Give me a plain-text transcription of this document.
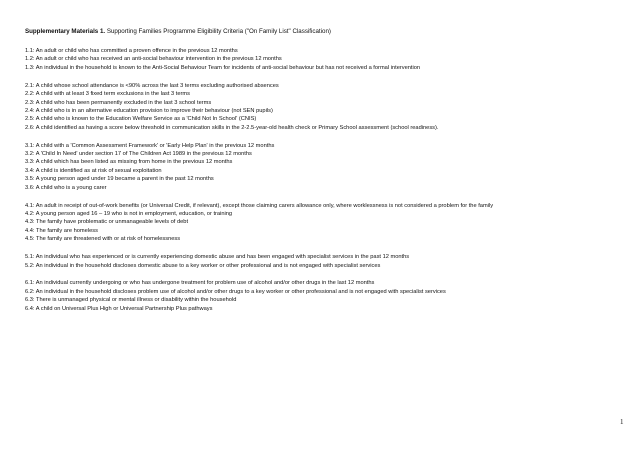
Supplementary Materials 1. Supporting Families Programme Eligibility Criteria ("On Family List" Classification)
1.1: An adult or child who has committed a proven offence in the previous 12 months
1.2: An adult or child who has received an anti-social behaviour intervention in the previous 12 months
1.3: An individual in the household is known to the Anti-Social Behaviour Team for incidents of anti-social behaviour but has not received a formal intervention
2.1: A child whose school attendance is <90% across the last 3 terms excluding authorised absences
2.2: A child with at least 3 fixed term exclusions in the last 3 terms
2.3: A child who has been permanently excluded in the last 3 school terms
2.4: A child who is in an alternative education provision to improve their behaviour (not SEN pupils)
2.5: A child who is known to the Education Welfare Service as a 'Child Not In School' (CNIS)
2.6: A child identified as having a score below threshold in communication skills in the 2-2.5-year-old health check or Primary School assessment (school readiness).
3.1: A child with a 'Common Assessment Framework' or 'Early Help Plan' in the previous 12 months
3.2: A 'Child In Need' under section 17 of The Children Act 1989 in the previous 12 months
3.3: A child which has been listed as missing from home in the previous 12 months
3.4: A child is identified as at risk of sexual exploitation
3.5: A young person aged under 19 became a parent in the past 12 months
3.6: A child who is a young carer
4.1: An adult in receipt of out-of-work benefits (or Universal Credit, if relevant), except those claiming carers allowance only, where worklessness is not considered a problem for the family
4.2: A young person aged 16 – 19 who is not in employment, education, or training
4.3: The family have problematic or unmanageable levels of debt
4.4: The family are homeless
4.5: The family are threatened with or at risk of homelessness
5.1: An individual who has experienced or is currently experiencing domestic abuse and has been engaged with specialist services in the past 12 months
5.2: An individual in the household discloses domestic abuse to a key worker or other professional and is not engaged with specialist services
6.1: An individual currently undergoing or who has undergone treatment for problem use of alcohol and/or other drugs in the last 12 months
6.2: An individual in the household discloses problem use of alcohol and/or other drugs to a key worker or other professional and is not engaged with specialist services
6.3: There is unmanaged physical or mental illness or disability within the household
6.4: A child on Universal Plus High or Universal Partnership Plus pathways
1
